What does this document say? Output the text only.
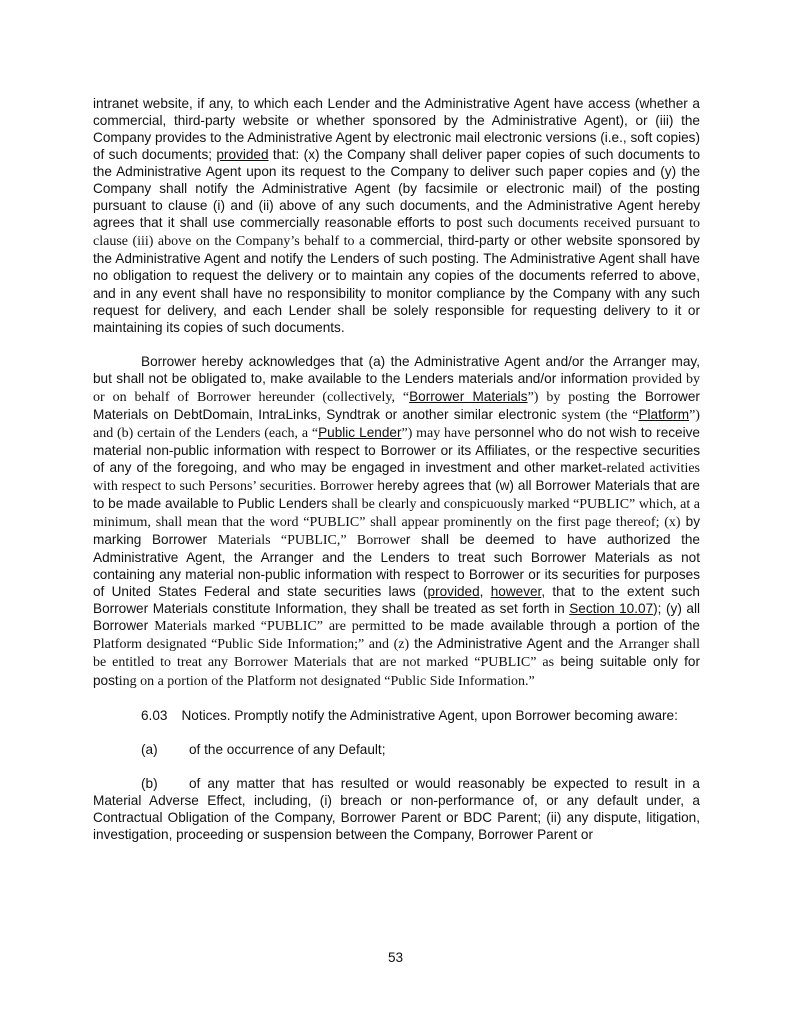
intranet website, if any, to which each Lender and the Administrative Agent have access (whether a commercial, third-party website or whether sponsored by the Administrative Agent), or (iii) the Company provides to the Administrative Agent by electronic mail electronic versions (i.e., soft copies) of such documents; provided that: (x) the Company shall deliver paper copies of such documents to the Administrative Agent upon its request to the Company to deliver such paper copies and (y) the Company shall notify the Administrative Agent (by facsimile or electronic mail) of the posting pursuant to clause (i) and (ii) above of any such documents, and the Administrative Agent hereby agrees that it shall use commercially reasonable efforts to post such documents received pursuant to clause (iii) above on the Company’s behalf to a commercial, third-party or other website sponsored by the Administrative Agent and notify the Lenders of such posting. The Administrative Agent shall have no obligation to request the delivery or to maintain any copies of the documents referred to above, and in any event shall have no responsibility to monitor compliance by the Company with any such request for delivery, and each Lender shall be solely responsible for requesting delivery to it or maintaining its copies of such documents.

Borrower hereby acknowledges that (a) the Administrative Agent and/or the Arranger may, but shall not be obligated to, make available to the Lenders materials and/or information provided by or on behalf of Borrower hereunder (collectively, “Borrower Materials”) by posting the Borrower Materials on DebtDomain, IntraLinks, Syndtrak or another similar electronic system (the “Platform”) and (b) certain of the Lenders (each, a “Public Lender”) may have personnel who do not wish to receive material non-public information with respect to Borrower or its Affiliates, or the respective securities of any of the foregoing, and who may be engaged in investment and other market-related activities with respect to such Persons’ securities. Borrower hereby agrees that (w) all Borrower Materials that are to be made available to Public Lenders shall be clearly and conspicuously marked “PUBLIC” which, at a minimum, shall mean that the word “PUBLIC” shall appear prominently on the first page thereof; (x) by marking Borrower Materials “PUBLIC,” Borrower shall be deemed to have authorized the Administrative Agent, the Arranger and the Lenders to treat such Borrower Materials as not containing any material non-public information with respect to Borrower or its securities for purposes of United States Federal and state securities laws (provided, however, that to the extent such Borrower Materials constitute Information, they shall be treated as set forth in Section 10.07); (y) all Borrower Materials marked “PUBLIC” are permitted to be made available through a portion of the Platform designated “Public Side Information;” and (z) the Administrative Agent and the Arranger shall be entitled to treat any Borrower Materials that are not marked “PUBLIC” as being suitable only for posting on a portion of the Platform not designated “Public Side Information.”

6.03 Notices. Promptly notify the Administrative Agent, upon Borrower becoming aware:

(a) of the occurrence of any Default;

(b) of any matter that has resulted or would reasonably be expected to result in a Material Adverse Effect, including, (i) breach or non-performance of, or any default under, a Contractual Obligation of the Company, Borrower Parent or BDC Parent; (ii) any dispute, litigation, investigation, proceeding or suspension between the Company, Borrower Parent or

53
